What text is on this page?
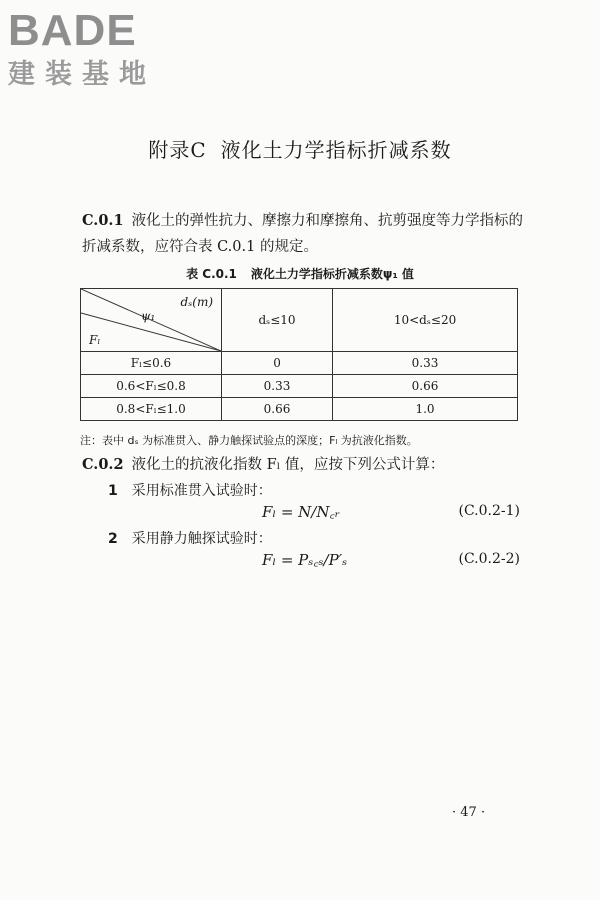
BADE
建装基地
附录C 液化土力学指标折减系数
C.0.1 液化土的弹性抗力、摩擦力和摩擦角、抗剪强度等力学指标的折减系数，应符合表 C.0.1 的规定。
表 C.0.1 液化土力学指标折减系数ψ₁ 值
dₛ(m)
ψ₁
Fₗ	dₛ≤10	10<dₛ≤20
Fₗ≤0.6	0	0.33
0.6<Fₗ≤0.8	0.33	0.66
0.8<Fₗ≤1.0	0.66	1.0
注：表中 dₛ 为标准贯入、静力触探试验点的深度；Fₗ 为抗液化指数。
C.0.2 液化土的抗液化指数 Fₗ 值，应按下列公式计算：
1 采用标准贯入试验时：
Fₗ = N/N꜀ᵣ	(C.0.2-1)
2 采用静力触探试验时：
Fₗ = Pₛ꜀ₛ/P′ₛ	(C.0.2-2)
· 47 ·
